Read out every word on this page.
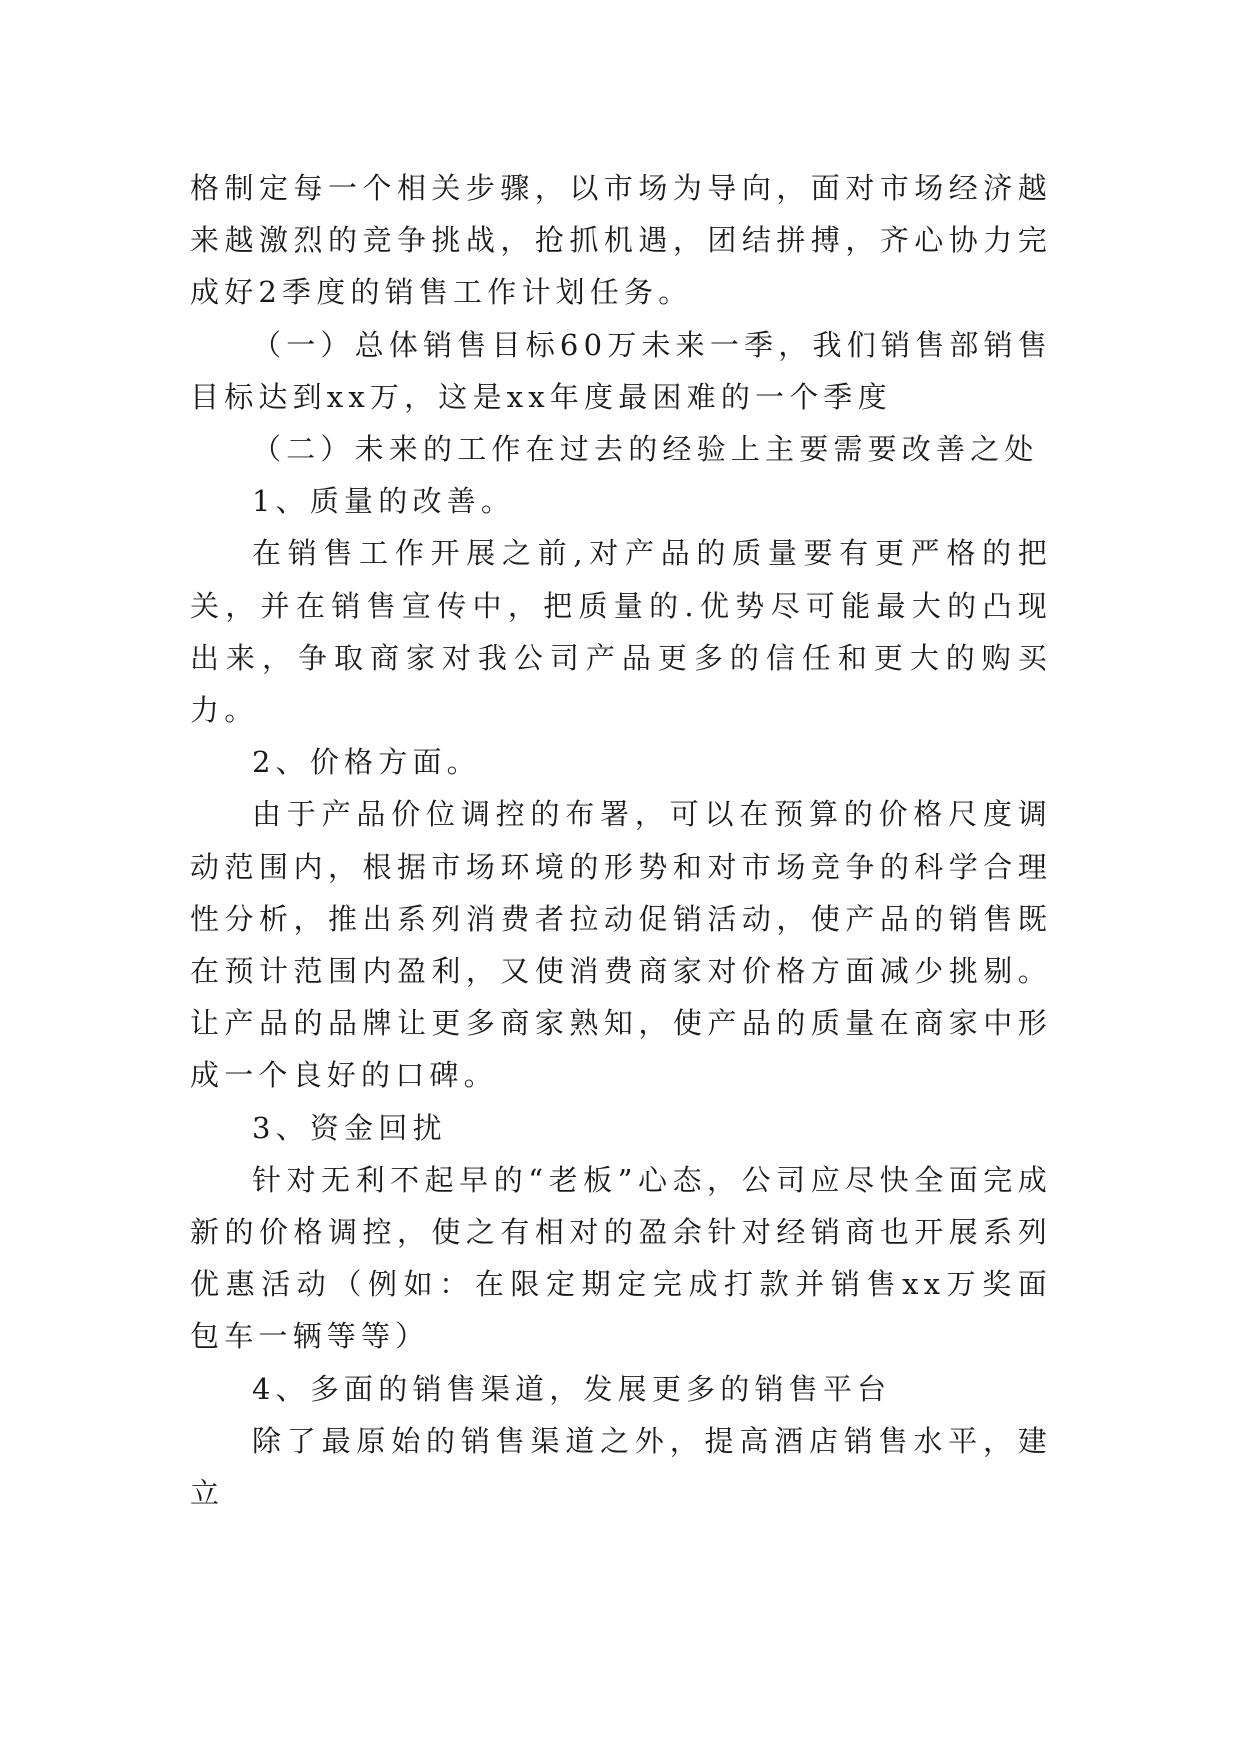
格制定每一个相关步骤，以市场为导向，面对市场经济越来越激烈的竞争挑战，抢抓机遇，团结拼搏，齐心协力完成好2季度的销售工作计划任务。

（一）总体销售目标60万未来一季，我们销售部销售目标达到xx万，这是xx年度最困难的一个季度

（二）未来的工作在过去的经验上主要需要改善之处

1、质量的改善。

在销售工作开展之前,对产品的质量要有更严格的把关，并在销售宣传中，把质量的.优势尽可能最大的凸现出来，争取商家对我公司产品更多的信任和更大的购买力。

2、价格方面。

由于产品价位调控的布署，可以在预算的价格尺度调动范围内，根据市场环境的形势和对市场竞争的科学合理性分析，推出系列消费者拉动促销活动，使产品的销售既在预计范围内盈利，又使消费商家对价格方面减少挑剔。让产品的品牌让更多商家熟知，使产品的质量在商家中形成一个良好的口碑。

3、资金回扰

针对无利不起早的“老板”心态，公司应尽快全面完成新的价格调控，使之有相对的盈余针对经销商也开展系列优惠活动（例如：在限定期定完成打款并销售xx万奖面包车一辆等等）

4、多面的销售渠道，发展更多的销售平台

除了最原始的销售渠道之外，提高酒店销售水平，建立
